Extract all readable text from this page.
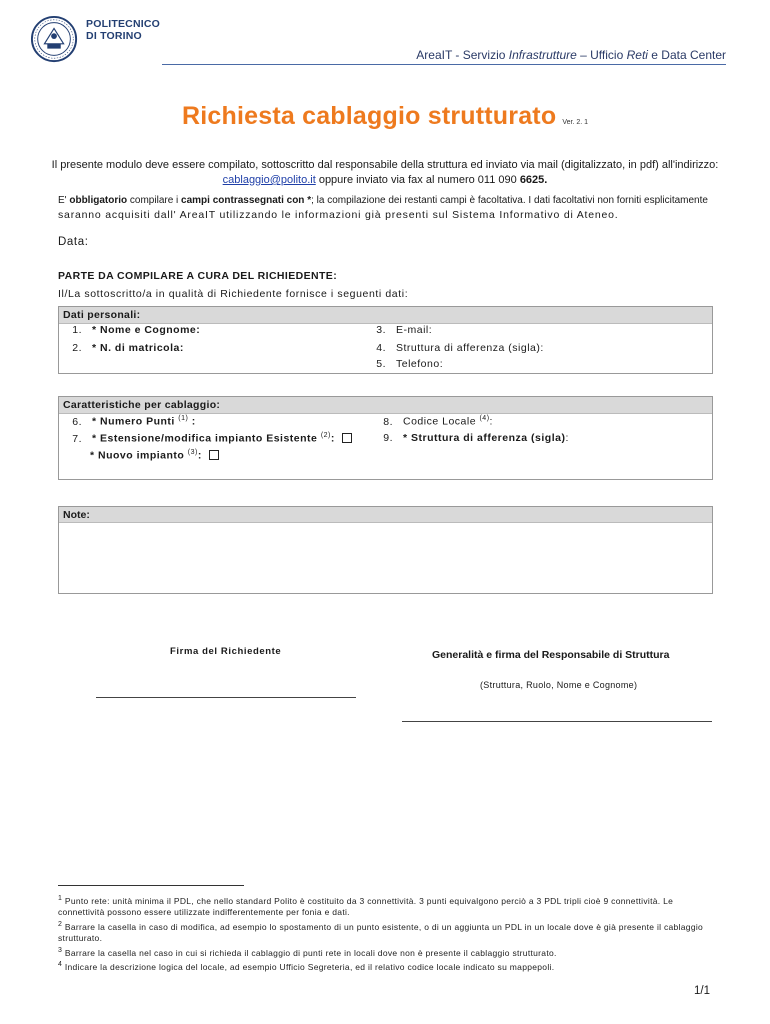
POLITECNICO
DI TORINO
AreaIT - Servizio Infrastrutture – Ufficio Reti e Data Center
Richiesta cablaggio strutturato Ver. 2. 1
Il presente modulo deve essere compilato, sottoscritto dal responsabile della struttura ed inviato via mail (digitalizzato, in pdf) all'indirizzo:
cablaggio@polito.it oppure inviato via fax al numero 011 090 6625.
E' obbligatorio compilare i campi contrassegnati con *; la compilazione dei restanti campi è facoltativa. I dati facoltativi non forniti esplicitamente
saranno acquisiti dall' AreaIT utilizzando le informazioni già presenti sul Sistema Informativo di Ateneo.
Data:
PARTE DA COMPILARE A CURA DEL RICHIEDENTE:
Il/La sottoscritto/a in qualità di Richiedente fornisce i seguenti dati:
Dati personali:
1. * Nome e Cognome:
2. * N. di matricola:
3. E-mail:
4. Struttura di afferenza (sigla):
5. Telefono:
Caratteristiche per cablaggio:
6. * Numero Punti $^{(1)}$ :
7. * Estensione/modifica impianto Esistente $^{(2)}$:
* Nuovo impianto $^{(3)}$:
8. Codice Locale $^{(4)}$:
9. * Struttura di afferenza (sigla):
Note:
Firma del Richiedente	Generalità e firma del Responsabile di Struttura
(Struttura, Ruolo, Nome e Cognome)
$^1$ Punto rete: unità minima il PDL, che nello standard Polito è costituito da 3 connettività. 3 punti equivalgono perciò a 3 PDL tripli cioè 9 connettività. Le connettività possono essere utilizzate indifferentemente per fonia e dati.
$^2$ Barrare la casella in caso di modifica, ad esempio lo spostamento di un punto esistente, o di un aggiunta un PDL in un locale dove è già presente il cablaggio strutturato.
$^3$ Barrare la casella nel caso in cui si richieda il cablaggio di punti rete in locali dove non è presente il cablaggio strutturato.
$^4$ Indicare la descrizione logica del locale, ad esempio Ufficio Segreteria, ed il relativo codice locale indicato su mappepoli.
1/1
